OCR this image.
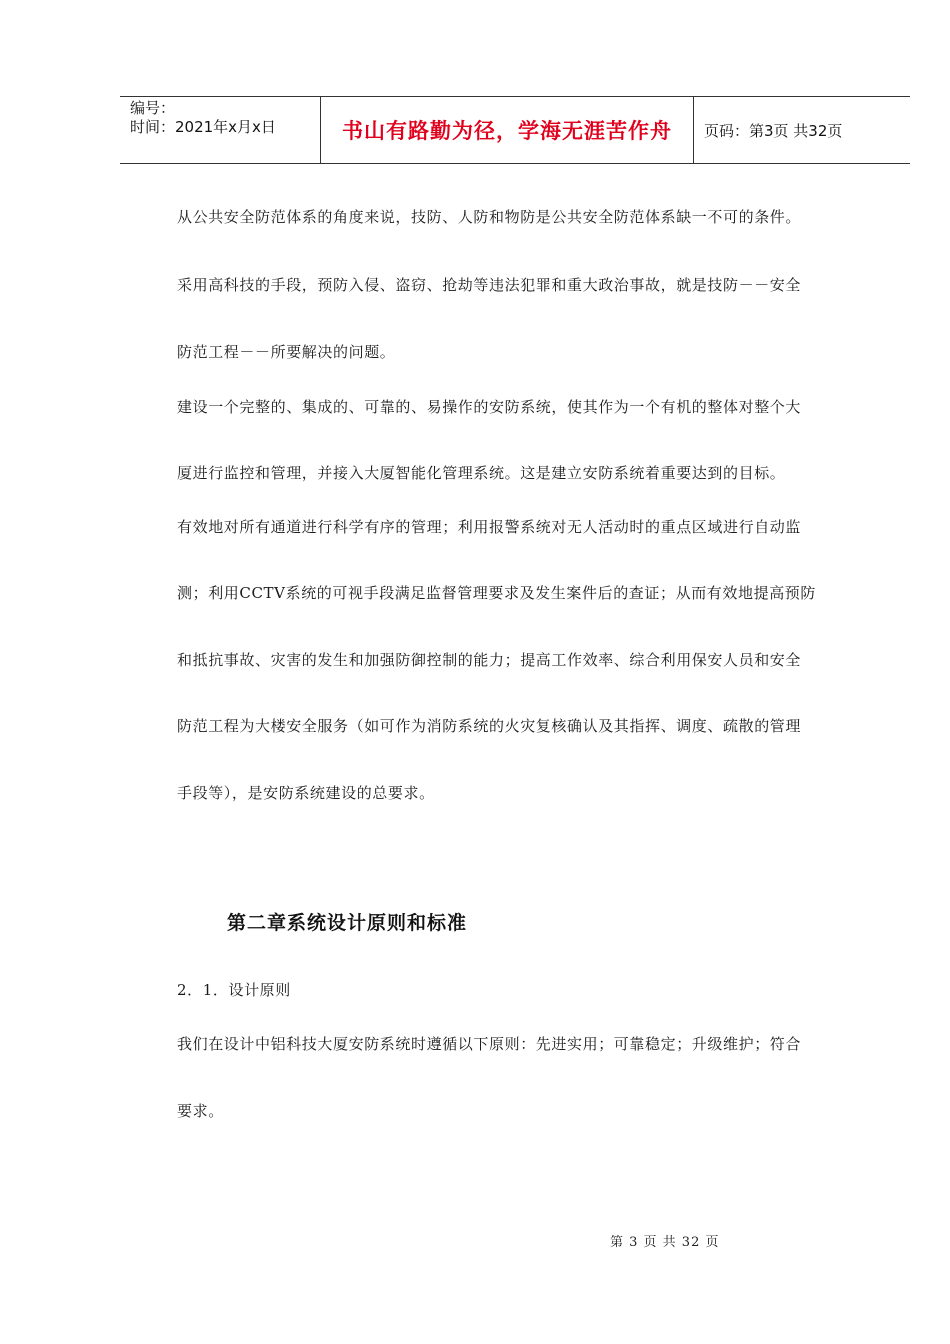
编号：
时间：2021年x月x日	书山有路勤为径，学海无涯苦作舟	页码：第3页 共32页
从公共安全防范体系的角度来说，技防、人防和物防是公共安全防范体系缺一不可的条件。
采用高科技的手段，预防入侵、盗窃、抢劫等违法犯罪和重大政治事故，就是技防－－安全
防范工程－－所要解决的问题。
建设一个完整的、集成的、可靠的、易操作的安防系统，使其作为一个有机的整体对整个大
厦进行监控和管理，并接入大厦智能化管理系统。这是建立安防系统着重要达到的目标。
有效地对所有通道进行科学有序的管理；利用报警系统对无人活动时的重点区域进行自动监
测；利用CCTV系统的可视手段满足监督管理要求及发生案件后的查证；从而有效地提高预防
和抵抗事故、灾害的发生和加强防御控制的能力；提高工作效率、综合利用保安人员和安全
防范工程为大楼安全服务（如可作为消防系统的火灾复核确认及其指挥、调度、疏散的管理
手段等），是安防系统建设的总要求。
第二章系统设计原则和标准
2．1．设计原则
我们在设计中铝科技大厦安防系统时遵循以下原则：先进实用；可靠稳定；升级维护；符合
要求。
第 3 页 共 32 页
